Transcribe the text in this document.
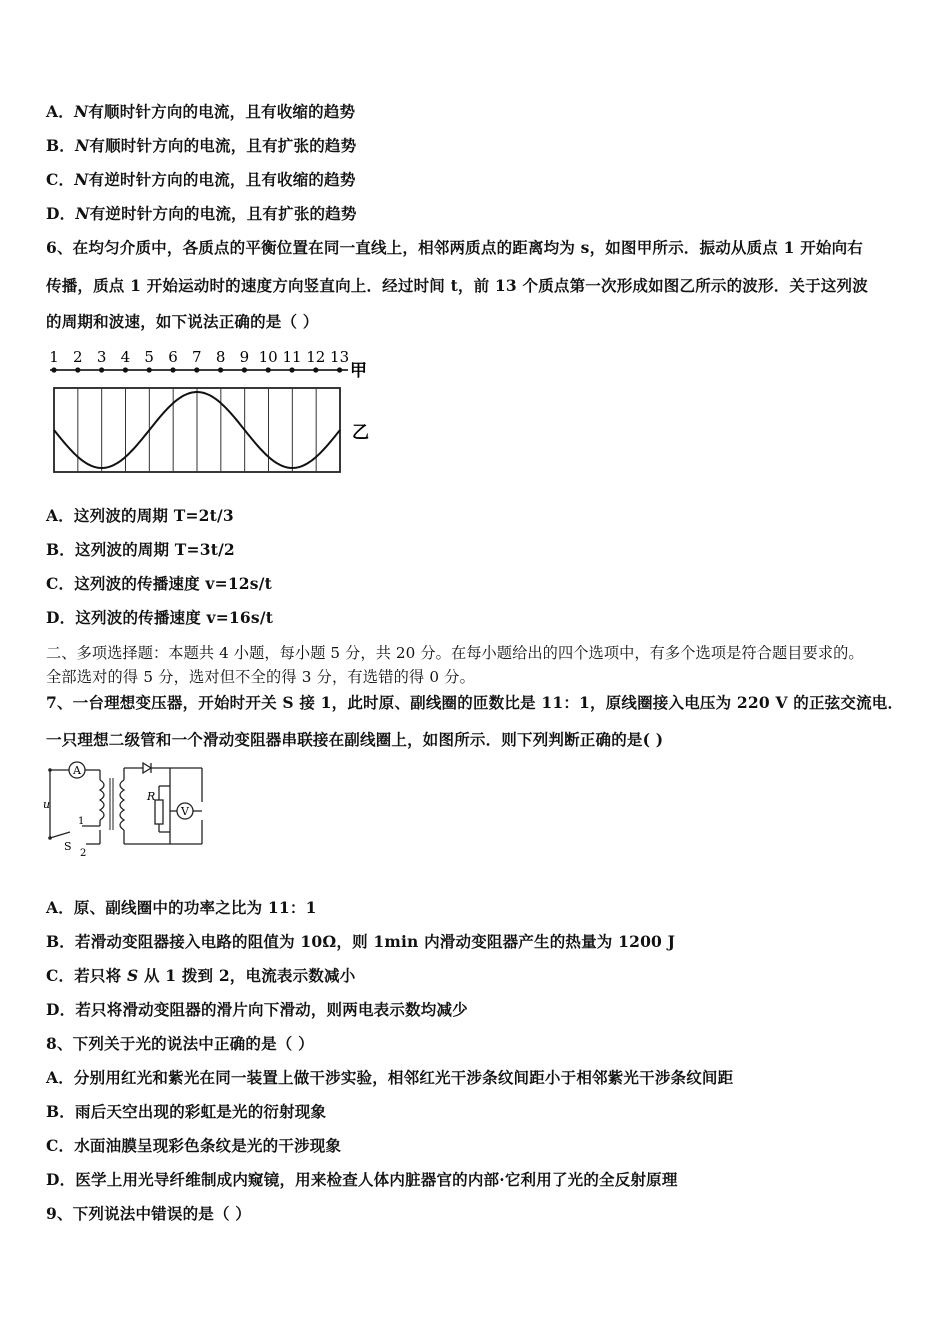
A．N有顺时针方向的电流，且有收缩的趋势
B．N有顺时针方向的电流，且有扩张的趋势
C．N有逆时针方向的电流，且有收缩的趋势
D．N有逆时针方向的电流，且有扩张的趋势
6、在均匀介质中，各质点的平衡位置在同一直线上，相邻两质点的距离均为 s，如图甲所示．振动从质点 1 开始向右
传播，质点 1 开始运动时的速度方向竖直向上．经过时间 t，前 13 个质点第一次形成如图乙所示的波形．关于这列波
的周期和波速，如下说法正确的是（ ）
1 2 3 4 5 6 7 8 9 10 11 12 13
甲
乙
A．这列波的周期 T=2t/3
B．这列波的周期 T=3t/2
C．这列波的传播速度 v=12s/t
D．这列波的传播速度 v=16s/t
二、多项选择题：本题共 4 小题，每小题 5 分，共 20 分。在每小题给出的四个选项中，有多个选项是符合题目要求的。
全部选对的得 5 分，选对但不全的得 3 分，有选错的得 0 分。
7、一台理想变压器，开始时开关 S 接 1，此时原、副线圈的匝数比是 11：1，原线圈接入电压为 220 V 的正弦交流电．
一只理想二级管和一个滑动变阻器串联接在副线圈上，如图所示．则下列判断正确的是( )
A
u
1
2
S
V
R
A．原、副线圈中的功率之比为 11：1
B．若滑动变阻器接入电路的阻值为 10Ω，则 1min 内滑动变阻器产生的热量为 1200 J
C．若只将 S 从 1 拨到 2，电流表示数减小
D．若只将滑动变阻器的滑片向下滑动，则两电表示数均减少
8、下列关于光的说法中正确的是（ ）
A．分别用红光和紫光在同一装置上做干涉实验，相邻红光干涉条纹间距小于相邻紫光干涉条纹间距
B．雨后天空出现的彩虹是光的衍射现象
C．水面油膜呈现彩色条纹是光的干涉现象
D．医学上用光导纤维制成内窥镜，用来检查人体内脏器官的内部·它利用了光的全反射原理
9、下列说法中错误的是（ ）
